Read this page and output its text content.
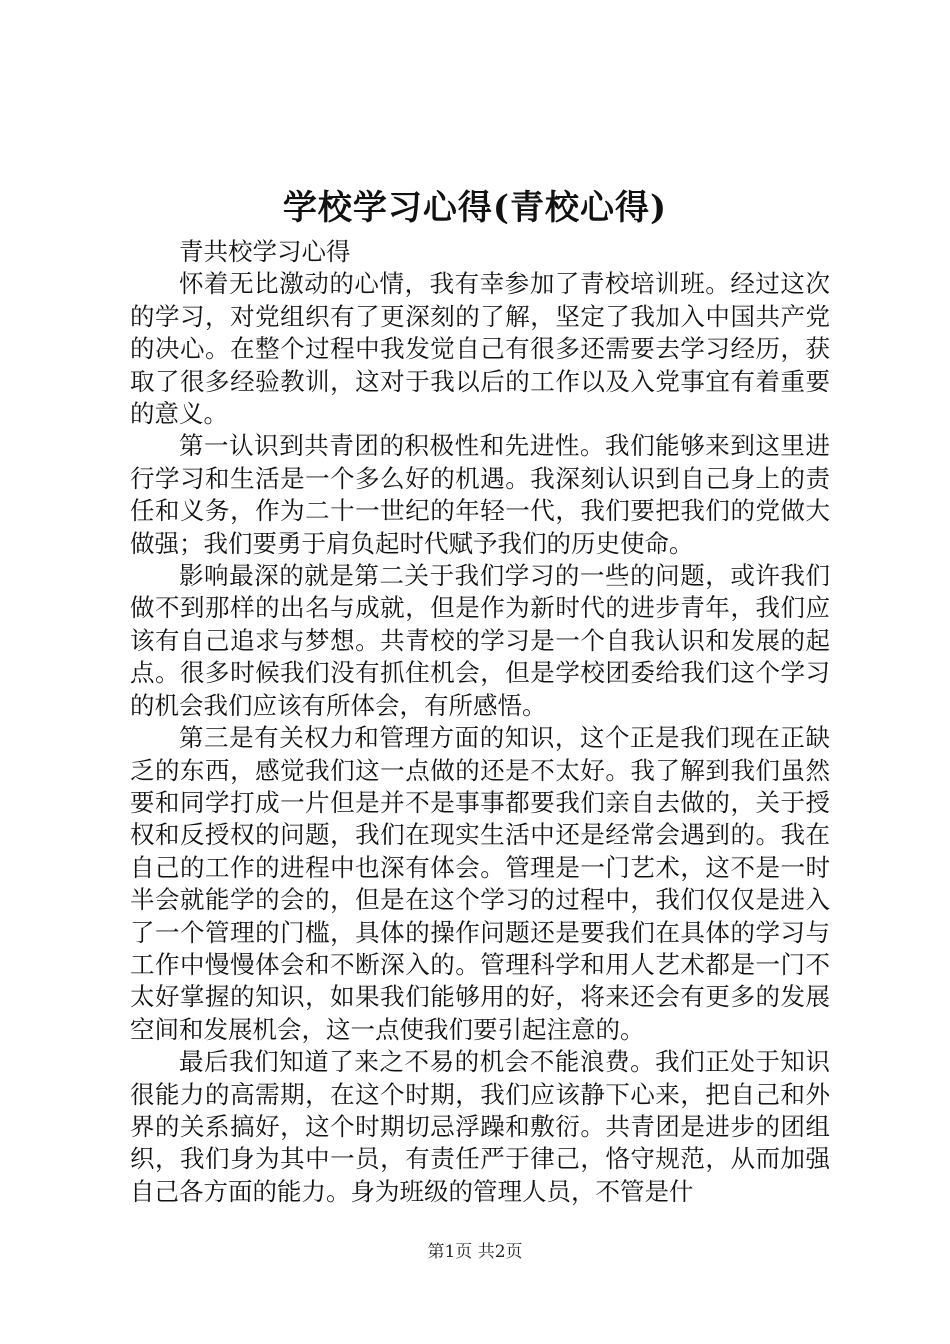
学校学习心得(青校心得)

青共校学习心得

怀着无比激动的心情，我有幸参加了青校培训班。经过这次的学习，对党组织有了更深刻的了解，坚定了我加入中国共产党的决心。在整个过程中我发觉自己有很多还需要去学习经历，获取了很多经验教训，这对于我以后的工作以及入党事宜有着重要的意义。

第一认识到共青团的积极性和先进性。我们能够来到这里进行学习和生活是一个多么好的机遇。我深刻认识到自己身上的责任和义务，作为二十一世纪的年轻一代，我们要把我们的党做大做强；我们要勇于肩负起时代赋予我们的历史使命。

影响最深的就是第二关于我们学习的一些的问题，或许我们做不到那样的出名与成就，但是作为新时代的进步青年，我们应该有自己追求与梦想。共青校的学习是一个自我认识和发展的起点。很多时候我们没有抓住机会，但是学校团委给我们这个学习的机会我们应该有所体会，有所感悟。

第三是有关权力和管理方面的知识，这个正是我们现在正缺乏的东西，感觉我们这一点做的还是不太好。我了解到我们虽然要和同学打成一片但是并不是事事都要我们亲自去做的，关于授权和反授权的问题，我们在现实生活中还是经常会遇到的。我在自己的工作的进程中也深有体会。管理是一门艺术，这不是一时半会就能学的会的，但是在这个学习的过程中，我们仅仅是进入了一个管理的门槛，具体的操作问题还是要我们在具体的学习与工作中慢慢体会和不断深入的。管理科学和用人艺术都是一门不太好掌握的知识，如果我们能够用的好，将来还会有更多的发展空间和发展机会，这一点使我们要引起注意的。

最后我们知道了来之不易的机会不能浪费。我们正处于知识很能力的高需期，在这个时期，我们应该静下心来，把自己和外界的关系搞好，这个时期切忌浮躁和敷衍。共青团是进步的团组织，我们身为其中一员，有责任严于律己，恪守规范，从而加强自己各方面的能力。身为班级的管理人员，不管是什

第1页 共2页
